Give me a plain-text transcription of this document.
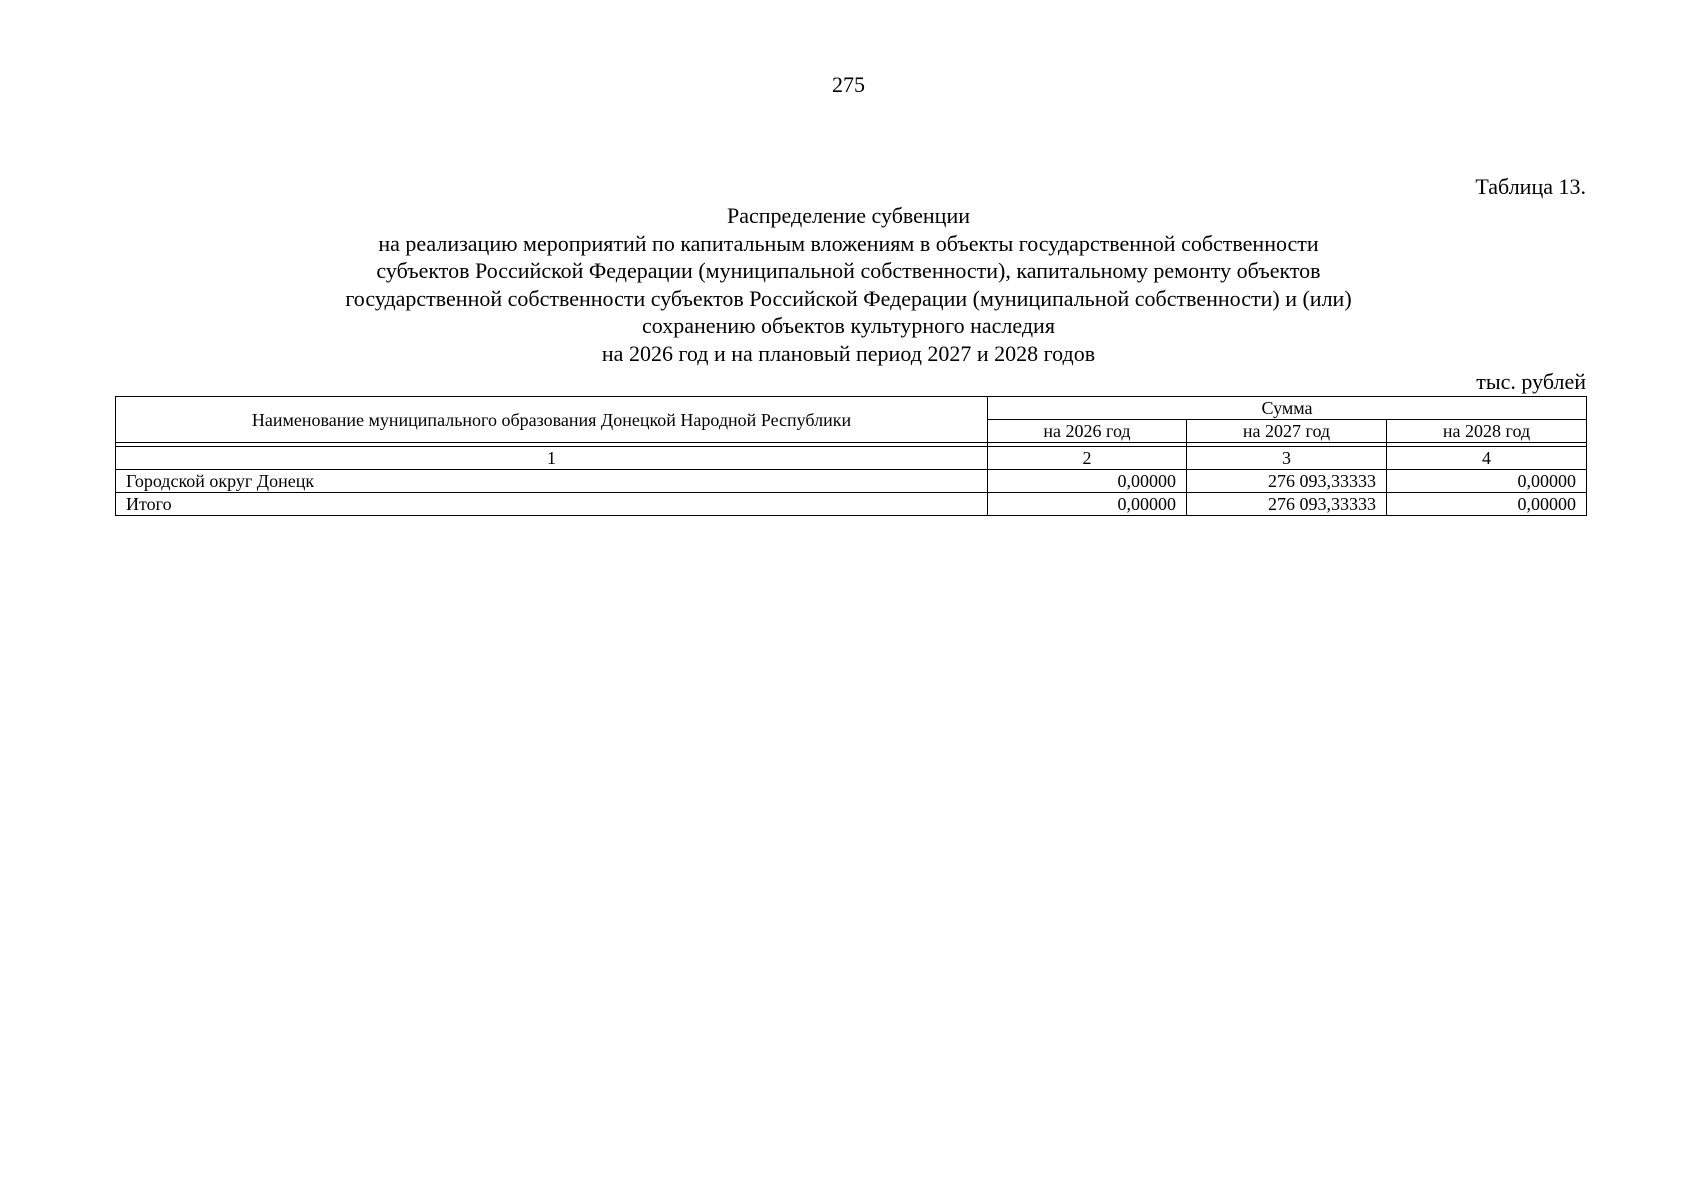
275
Таблица 13.
Распределение субвенции
на реализацию мероприятий по капитальным вложениям в объекты государственной собственности
субъектов Российской Федерации (муниципальной собственности), капитальному ремонту объектов
государственной собственности субъектов Российской Федерации (муниципальной собственности) и (или)
сохранению объектов культурного наследия
на 2026 год и на плановый период 2027 и 2028 годов
тыс. рублей
Наименование муниципального образования Донецкой Народной Республики	Сумма		
	на 2026 год	на 2027 год	на 2028 год

1	2	3	4
Городской округ Донецк	0,00000	276 093,33333	0,00000
Итого	0,00000	276 093,33333	0,00000
